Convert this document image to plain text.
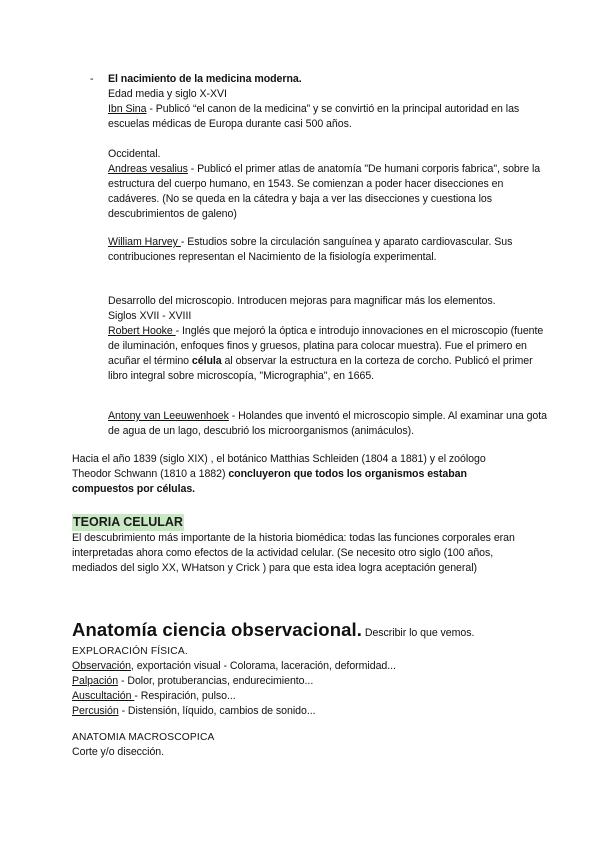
- El nacimiento de la medicina moderna.

Edad media y siglo X-XVI

Ibn Sina - Publicó “el canon de la medicina” y se convirtió en la principal autoridad en las escuelas médicas de Europa durante casi 500 años.

Occidental.

Andreas vesalius - Publicó el primer atlas de anatomía "De humani corporis fabrica", sobre la estructura del cuerpo humano, en 1543. Se comienzan a poder hacer disecciones en cadáveres. (No se queda en la cátedra y baja a ver las disecciones y cuestiona los descubrimientos de galeno)

William Harvey - Estudios sobre la circulación sanguínea y aparato cardiovascular. Sus contribuciones representan el Nacimiento de la fisiología experimental.

Desarrollo del microscopio. Introducen mejoras para magnificar más los elementos.

Siglos XVII - XVIII

Robert Hooke - Inglés que mejoró la óptica e introdujo innovaciones en el microscopio (fuente de iluminación, enfoques finos y gruesos, platina para colocar muestra). Fue el primero en acuñar el término célula al observar la estructura en la corteza de corcho. Publicó el primer libro integral sobre microscopía, "Micrographia", en 1665.

Antony van Leeuwenhoek - Holandes que inventó el microscopio simple. Al examinar una gota de agua de un lago, descubrió los microorganismos (animáculos).

Hacia el año 1839 (siglo XIX) , el botánico Matthias Schleiden (1804 a 1881) y el zoólogo Theodor Schwann (1810 a 1882) concluyeron que todos los organismos estaban compuestos por células.

TEORIA CELULAR

El descubrimiento más importante de la historia biomédica: todas las funciones corporales eran interpretadas ahora como efectos de la actividad celular. (Se necesito otro siglo (100 años, mediados del siglo XX, WHatson y Crick ) para que esta idea logra aceptación general)

Anatomía ciencia observacional. Describir lo que vemos.

EXPLORACIÓN FÍSICA.

Observación, exportación visual - Colorama, laceración, deformidad...

Palpación - Dolor, protuberancias, endurecimiento...

Auscultación - Respiración, pulso...

Percusión - Distensión, líquido, cambios de sonido...

ANATOMIA MACROSCOPICA

Corte y/o disección.
